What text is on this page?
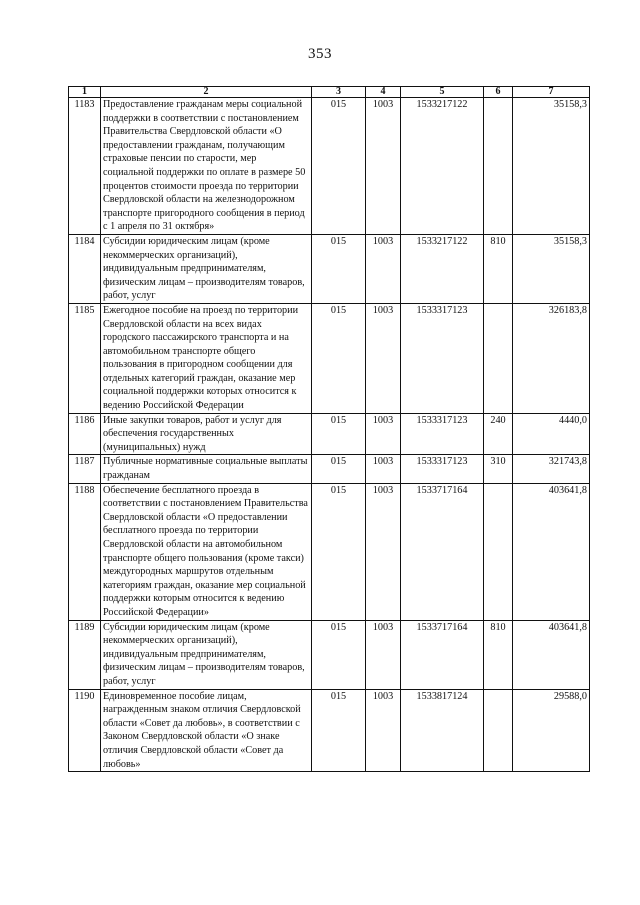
353
1	2	3	4	5	6	7
1183	Предоставление гражданам меры социальной поддержки в соответствии с постановлением Правительства Свердловской области «О предоставлении гражданам, получающим страховые пенсии по старости, мер социальной поддержки по оплате в размере 50 процентов стоимости проезда по территории Свердловской области на железнодорожном транспорте пригородного сообщения в период с 1 апреля по 31 октября»	015	1003	1533217122		35158,3
1184	Субсидии юридическим лицам (кроме некоммерческих организаций), индивидуальным предпринимателям, физическим лицам – производителям товаров, работ, услуг	015	1003	1533217122	810	35158,3
1185	Ежегодное пособие на проезд по территории Свердловской области на всех видах городского пассажирского транспорта и на автомобильном транспорте общего пользования в пригородном сообщении для отдельных категорий граждан, оказание мер социальной поддержки которых относится к ведению Российской Федерации	015	1003	1533317123		326183,8
1186	Иные закупки товаров, работ и услуг для обеспечения государственных (муниципальных) нужд	015	1003	1533317123	240	4440,0
1187	Публичные нормативные социальные выплаты гражданам	015	1003	1533317123	310	321743,8
1188	Обеспечение бесплатного проезда в соответствии с постановлением Правительства Свердловской области «О предоставлении бесплатного проезда по территории Свердловской области на автомобильном транспорте общего пользования (кроме такси) междугородных маршрутов отдельным категориям граждан, оказание мер социальной поддержки которым относится к ведению Российской Федерации»	015	1003	1533717164		403641,8
1189	Субсидии юридическим лицам (кроме некоммерческих организаций), индивидуальным предпринимателям, физическим лицам – производителям товаров, работ, услуг	015	1003	1533717164	810	403641,8
1190	Единовременное пособие лицам, награжденным знаком отличия Свердловской области «Совет да любовь», в соответствии с Законом Свердловской области «О знаке отличия Свердловской области «Совет да любовь»	015	1003	1533817124		29588,0
